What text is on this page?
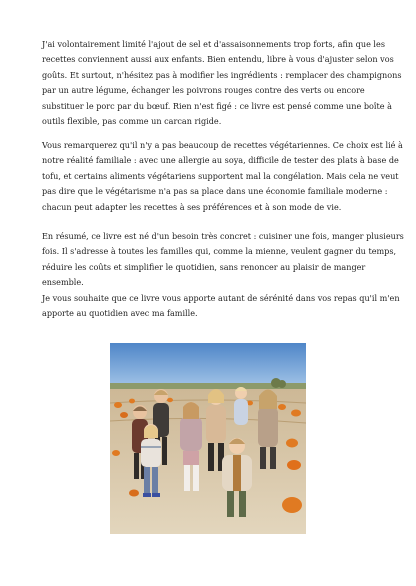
J'ai volontairement limité l'ajout de sel et d'assaisonnements trop forts, afin que les
recettes conviennent aussi aux enfants. Bien entendu, libre à vous d'ajuster selon vos
goûts. Et surtout, n'hésitez pas à modifier les ingrédients : remplacer des champignons
par un autre légume, échanger les poivrons rouges contre des verts ou encore
substituer le porc par du bœuf. Rien n'est figé : ce livre est pensé comme une boîte à
outils flexible, pas comme un carcan rigide.

Vous remarquerez qu'il n'y a pas beaucoup de recettes végétariennes. Ce choix est lié à
notre réalité familiale : avec une allergie au soya, difficile de tester des plats à base de
tofu, et certains aliments végétariens supportent mal la congélation. Mais cela ne veut
pas dire que le végétarisme n'a pas sa place dans une économie familiale moderne :
chacun peut adapter les recettes à ses préférences et à son mode de vie.

En résumé, ce livre est né d'un besoin très concret : cuisiner une fois, manger plusieurs
fois. Il s'adresse à toutes les familles qui, comme la mienne, veulent gagner du temps,
réduire les coûts et simplifier le quotidien, sans renoncer au plaisir de manger
ensemble.
Je vous souhaite que ce livre vous apporte autant de sérénité dans vos repas qu'il m'en
apporte au quotidien avec ma famille.
